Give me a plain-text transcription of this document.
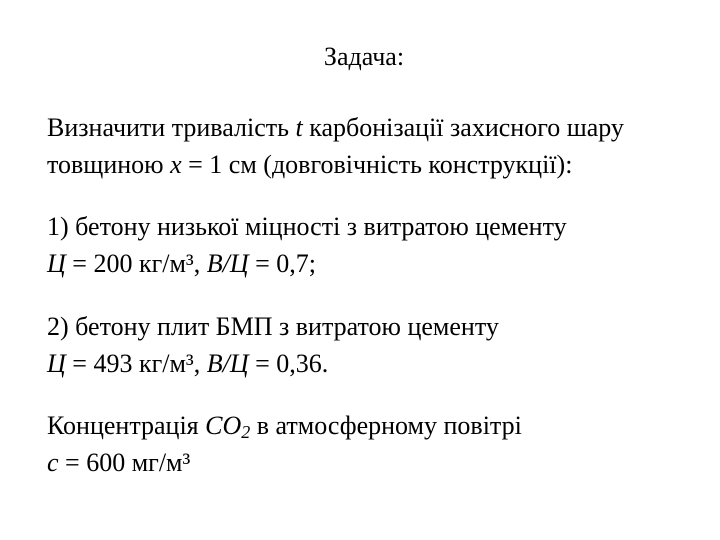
Задача:
Визначити тривалість t карбонізації захисного шару
товщиною x = 1 см (довговічність конструкції):
1) бетону низької міцності з витратою цементу
Ц = 200 кг/м³, В/Ц = 0,7;
2) бетону плит БМП з витратою цементу
Ц = 493 кг/м³, В/Ц = 0,36.
Концентрація $CO_2$ в атмосферному повітрі
c = 600 мг/м³
